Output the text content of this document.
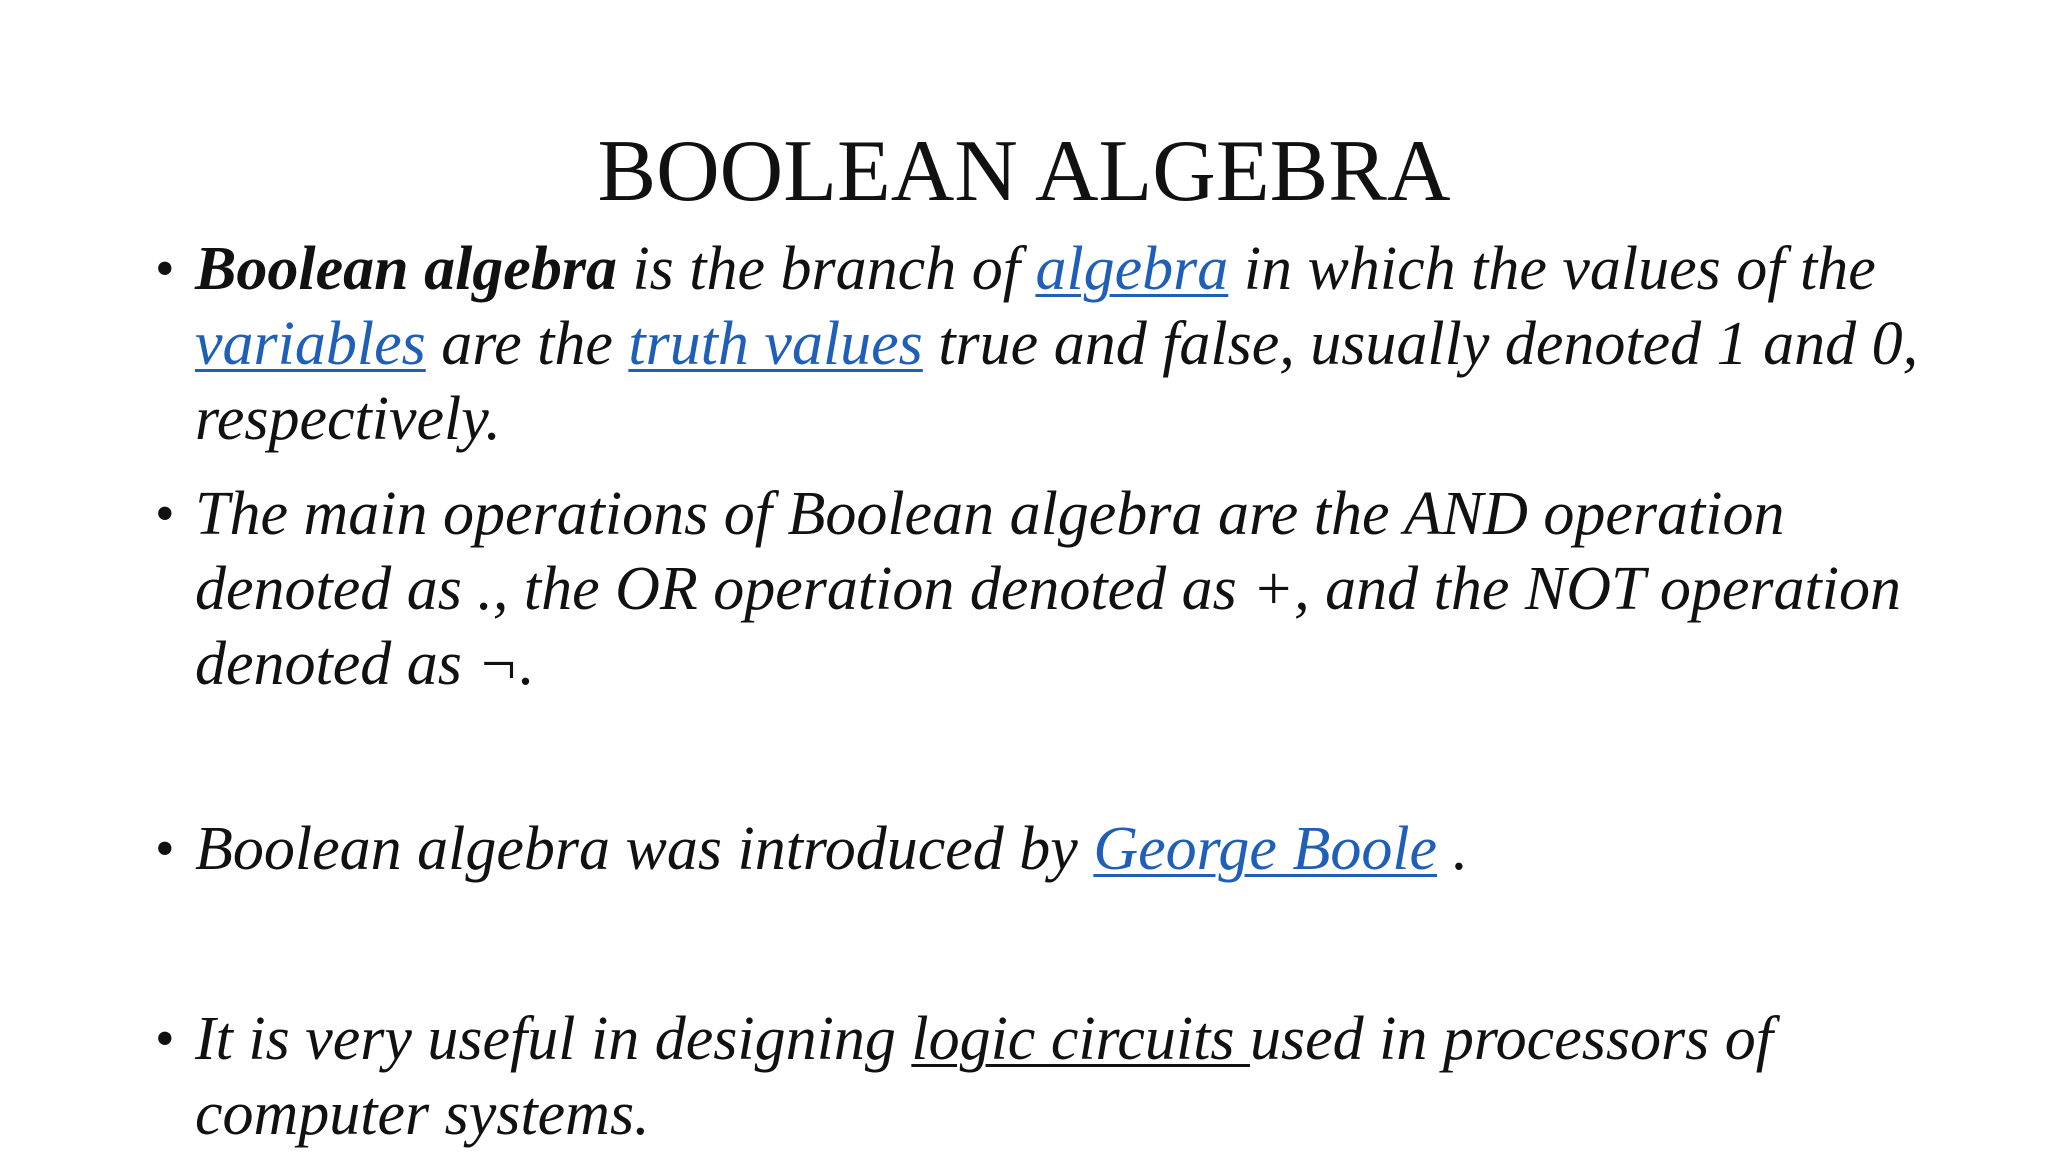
BOOLEAN ALGEBRA
• Boolean algebra is the branch of algebra in which the values of the variables are the truth values true and false, usually denoted 1 and 0, respectively.
• The main operations of Boolean algebra are the AND operation denoted as ., the OR operation denoted as +, and the NOT operation denoted as ¬.
• Boolean algebra was introduced by George Boole .
• It is very useful in designing logic circuits used in processors of computer systems.
